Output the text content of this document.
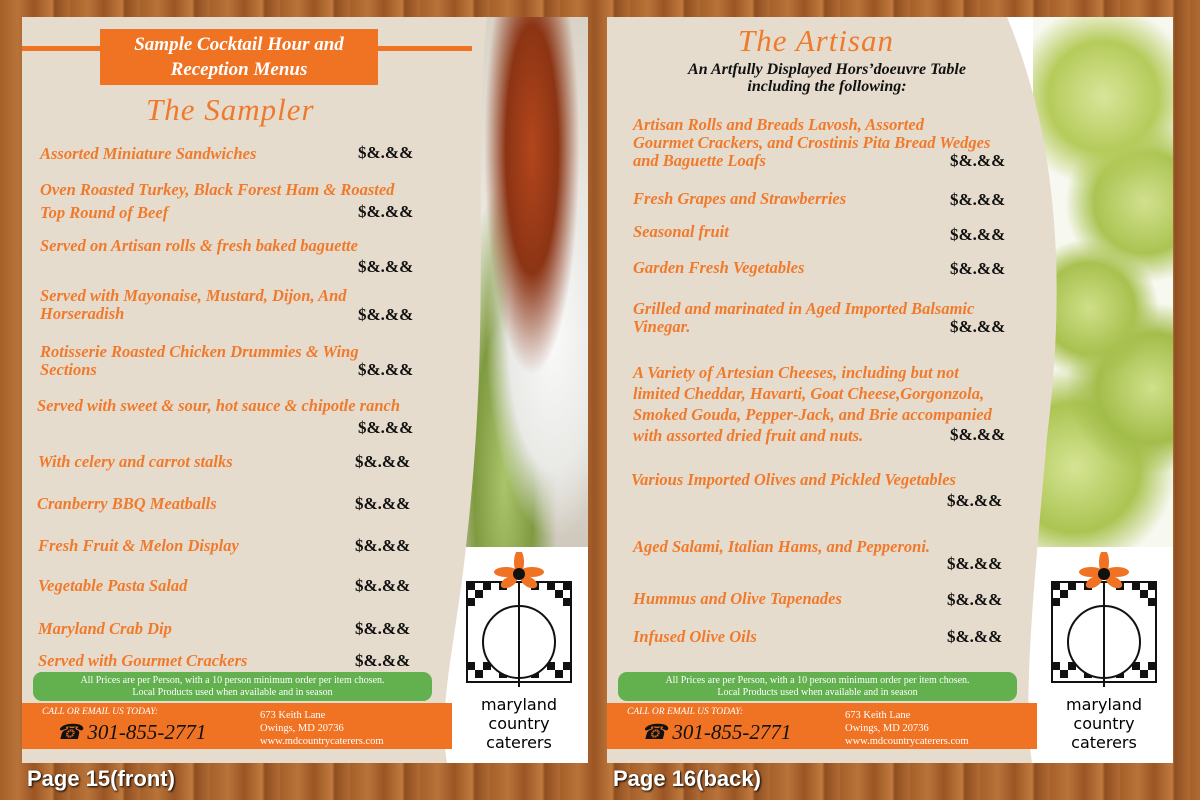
Sample Cocktail Hour and
Reception Menus
The Sampler
Assorted Miniature Sandwiches	$&.&&
Oven Roasted Turkey, Black Forest Ham & Roasted
Top Round of Beef	$&.&&
Served on Artisan rolls & fresh baked baguette
$&.&&
Served with Mayonaise, Mustard, Dijon, And
Horseradish	$&.&&
Rotisserie Roasted Chicken Drummies & Wing
Sections	$&.&&
Served with sweet & sour, hot sauce & chipotle ranch
$&.&&
With celery and carrot stalks	$&.&&
Cranberry BBQ Meatballs	$&.&&
Fresh Fruit & Melon Display	$&.&&
Vegetable Pasta Salad	$&.&&
Maryland Crab Dip	$&.&&
Served with Gourmet Crackers	$&.&&
All Prices are per Person, with a 10 person minimum order per item chosen.
Local Products used when available and in season
CALL OR EMAIL US TODAY:
☎ 301-855-2771
673 Keith Lane
Owings, MD 20736
www.mdcountrycaterers.com
maryland
country
caterers
The Artisan
An Artfully Displayed Hors’doeuvre Table
including the following:
Artisan Rolls and Breads Lavosh, Assorted
Gourmet Crackers, and Crostinis Pita Bread Wedges
and Baguette Loafs	$&.&&
Fresh Grapes and Strawberries	$&.&&
Seasonal fruit	$&.&&
Garden Fresh Vegetables	$&.&&
Grilled and marinated in Aged Imported Balsamic
Vinegar.	$&.&&
A Variety of Artesian Cheeses, including but not
limited Cheddar, Havarti, Goat Cheese,Gorgonzola,
Smoked Gouda, Pepper-Jack, and Brie accompanied
with assorted dried fruit and nuts.	$&.&&
Various Imported Olives and Pickled Vegetables
$&.&&
Aged Salami, Italian Hams, and Pepperoni.
$&.&&
Hummus and Olive Tapenades	$&.&&
Infused Olive Oils	$&.&&
All Prices are per Person, with a 10 person minimum order per item chosen.
Local Products used when available and in season
CALL OR EMAIL US TODAY:
☎ 301-855-2771
673 Keith Lane
Owings, MD 20736
www.mdcountrycaterers.com
maryland
country
caterers
Page 15(front)	Page 16(back)
